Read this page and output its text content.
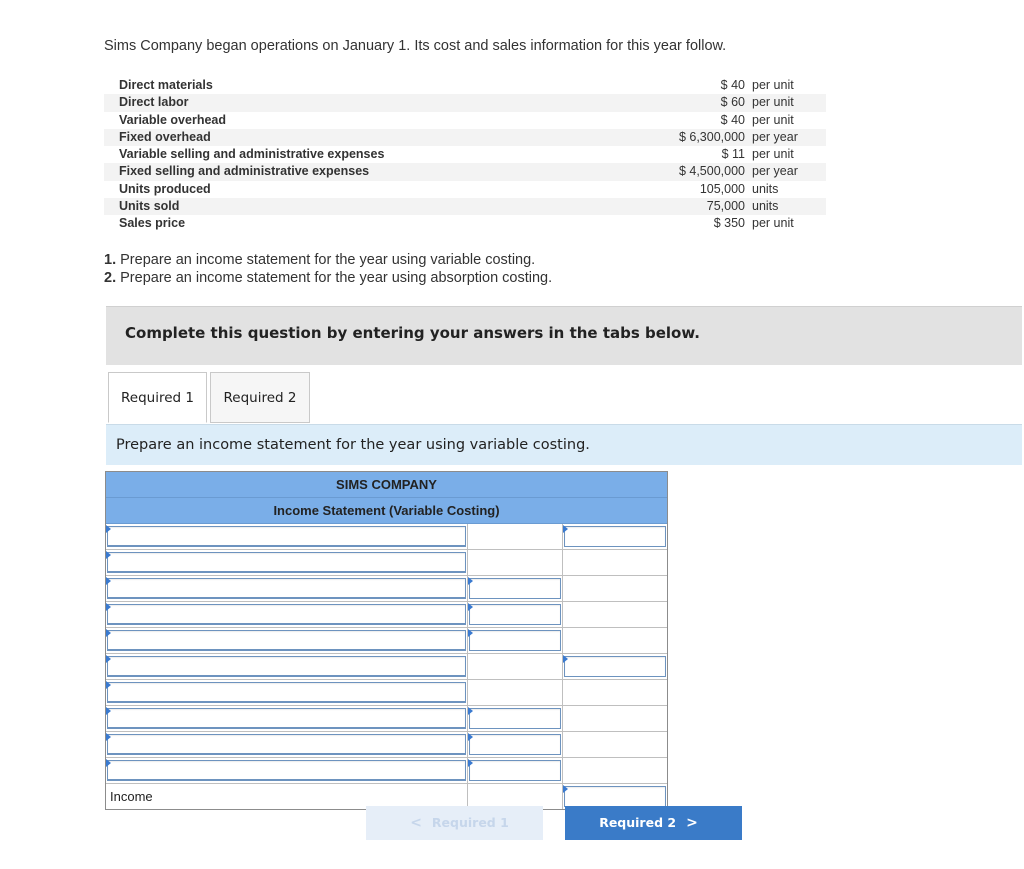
Sims Company began operations on January 1. Its cost and sales information for this year follow.
Direct materials	$ 40	per unit
Direct labor	$ 60	per unit
Variable overhead	$ 40	per unit
Fixed overhead	$ 6,300,000	per year
Variable selling and administrative expenses	$ 11	per unit
Fixed selling and administrative expenses	$ 4,500,000	per year
Units produced	105,000	units
Units sold	75,000	units
Sales price	$ 350	per unit
1. Prepare an income statement for the year using variable costing.
2. Prepare an income statement for the year using absorption costing.
Complete this question by entering your answers in the tabs below.
Required 1	Required 2
Prepare an income statement for the year using variable costing.
SIMS COMPANY
Income Statement (Variable Costing)
Income
< Required 1	Required 2 >
